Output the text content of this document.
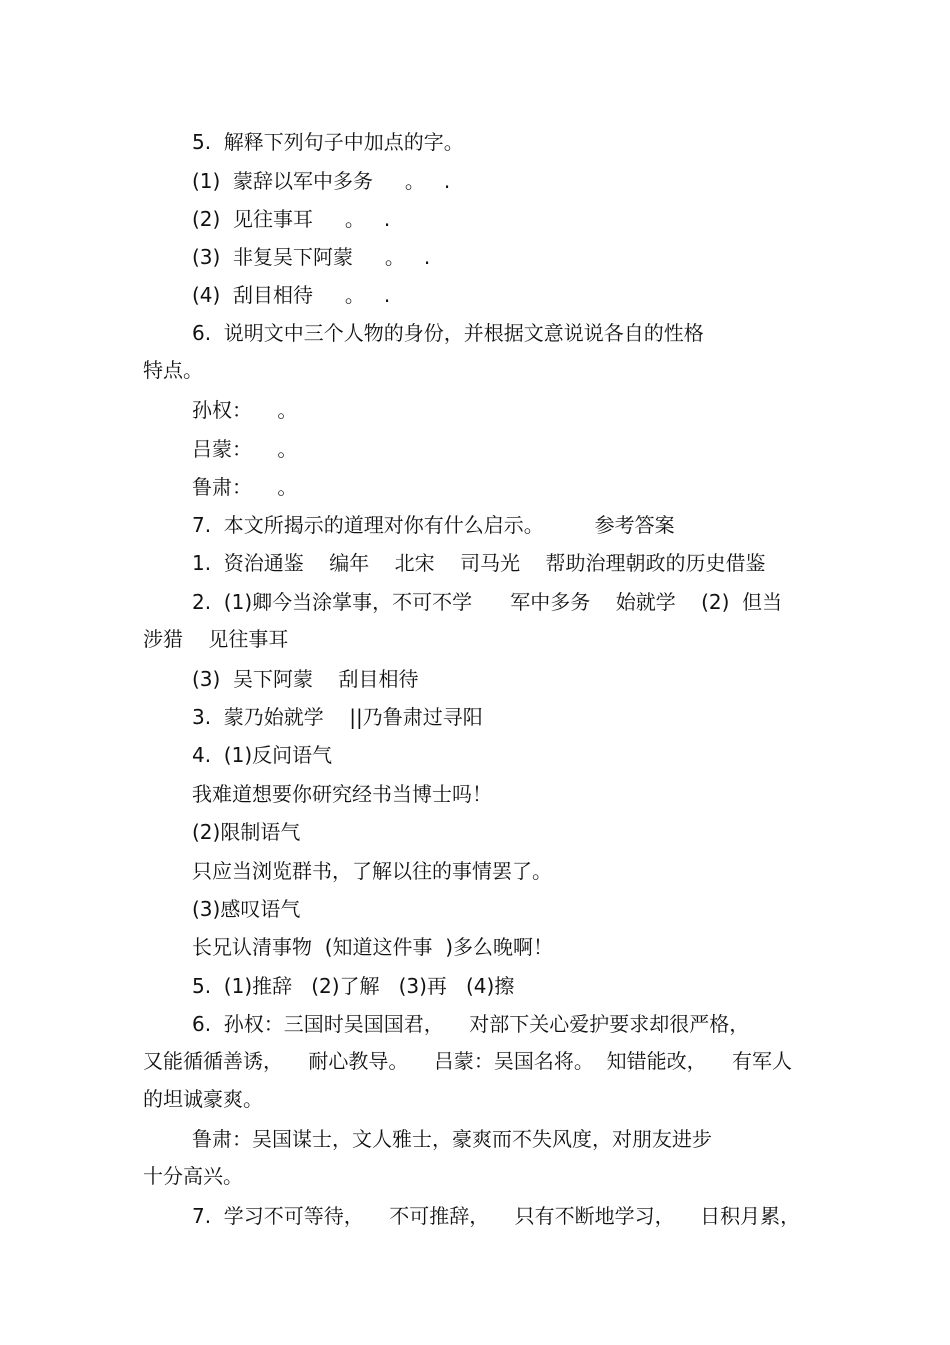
5.  解释下列句子中加点的字。

(1)  蒙辞以军中多务     。   .

(2)  见往事耳     。   .

(3)  非复吴下阿蒙     。   .

(4)  刮目相待     。   .

6.  说明文中三个人物的身份，并根据文意说说各自的性格

特点。

孙权：    。

吕蒙：    。

鲁肃：    。

7.  本文所揭示的道理对你有什么启示。        参考答案

1.  资治通鉴    编年    北宋    司马光    帮助治理朝政的历史借鉴

2.  (1)卿今当涂掌事，不可不学      军中多务    始就学    (2)  但当

涉猎    见往事耳

(3)  吴下阿蒙    刮目相待

3.  蒙乃始就学    ||乃鲁肃过寻阳

4.  (1)反问语气

我难道想要你研究经书当博士吗！

(2)限制语气

只应当浏览群书，了解以往的事情罢了。

(3)感叹语气

长兄认清事物  (知道这件事  )多么晚啊！

5.  (1)推辞   (2)了解   (3)再   (4)擦

6.  孙权：三国时吴国国君，    对部下关心爱护要求却很严格，

又能循循善诱，    耐心教导。    吕蒙：吴国名将。  知错能改，    有军人

的坦诚豪爽。

鲁肃：吴国谋士，文人雅士，豪爽而不失风度，对朋友进步

十分高兴。

7.  学习不可等待，    不可推辞，    只有不断地学习，    日积月累，
